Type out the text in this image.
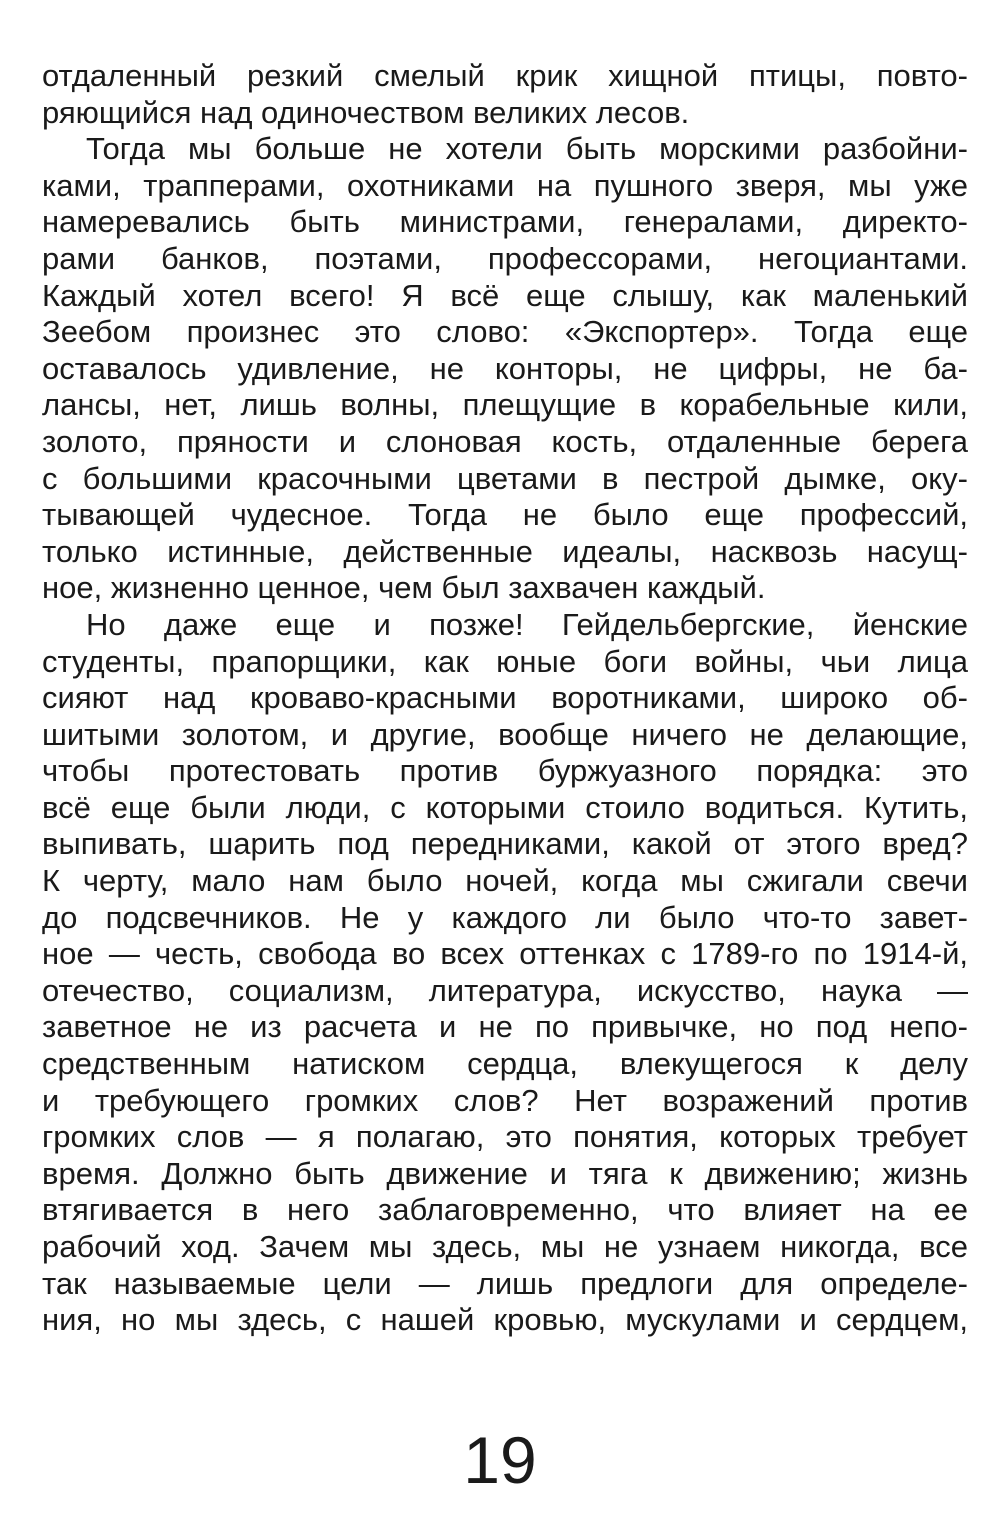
отдаленный резкий смелый крик хищной птицы, повто-
ряющийся над одиночеством великих лесов.
Тогда мы больше не хотели быть морскими разбойни-
ками, трапперами, охотниками на пушного зверя, мы уже
намеревались быть министрами, генералами, директо-
рами банков, поэтами, профессорами, негоциантами.
Каждый хотел всего! Я всё еще слышу, как маленький
Зеебом произнес это слово: «Экспортер». Тогда еще
оставалось удивление, не конторы, не цифры, не ба-
лансы, нет, лишь волны, плещущие в корабельные кили,
золото, пряности и слоновая кость, отдаленные берега
с большими красочными цветами в пестрой дымке, оку-
тывающей чудесное. Тогда не было еще профессий,
только истинные, действенные идеалы, насквозь насущ-
ное, жизненно ценное, чем был захвачен каждый.
Но даже еще и позже! Гейдельбергские, йенские
студенты, прапорщики, как юные боги войны, чьи лица
сияют над кроваво-красными воротниками, широко об-
шитыми золотом, и другие, вообще ничего не делающие,
чтобы протестовать против буржуазного порядка: это
всё еще были люди, с которыми стоило водиться. Кутить,
выпивать, шарить под передниками, какой от этого вред?
К черту, мало нам было ночей, когда мы сжигали свечи
до подсвечников. Не у каждого ли было что-то завет-
ное — честь, свобода во всех оттенках с 1789-го по 1914-й,
отечество, социализм, литература, искусство, наука —
заветное не из расчета и не по привычке, но под непо-
средственным натиском сердца, влекущегося к делу
и требующего громких слов? Нет возражений против
громких слов — я полагаю, это понятия, которых требует
время. Должно быть движение и тяга к движению; жизнь
втягивается в него заблаговременно, что влияет на ее
рабочий ход. Зачем мы здесь, мы не узнаем никогда, все
так называемые цели — лишь предлоги для определе-
ния, но мы здесь, с нашей кровью, мускулами и сердцем,
19
